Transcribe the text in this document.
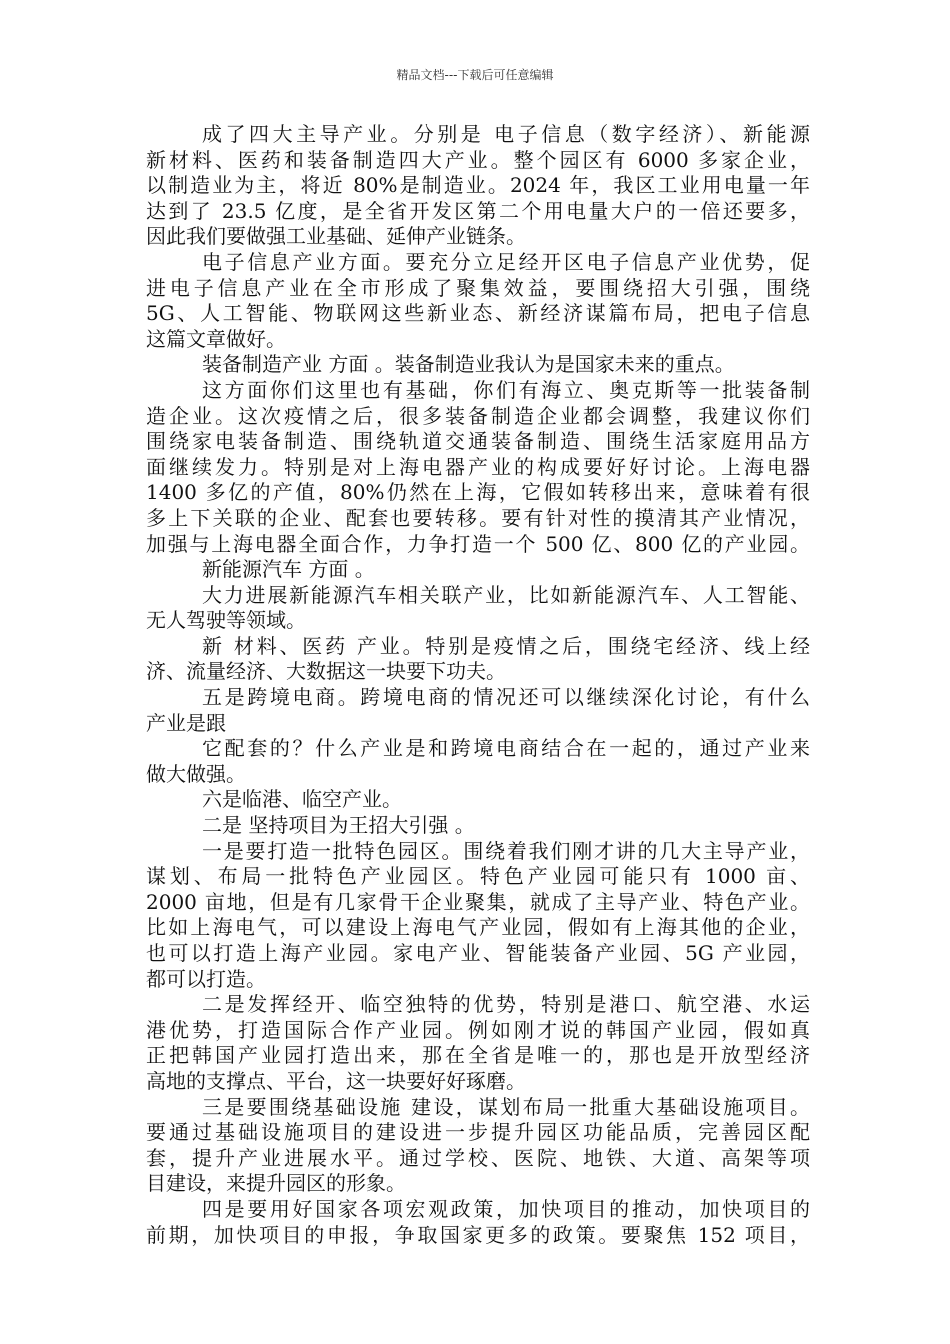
精品文档---下载后可任意编辑
成了四大主导产业。分别是 电子信息（数字经济）、新能源
新材料、医药和装备制造四大产业。整个园区有 6000 多家企业，
以制造业为主，将近 80%是制造业。2024 年，我区工业用电量一年
达到了 23.5 亿度，是全省开发区第二个用电量大户的一倍还要多，
因此我们要做强工业基础、延伸产业链条。
电子信息产业方面。要充分立足经开区电子信息产业优势，促
进电子信息产业在全市形成了聚集效益，要围绕招大引强，围绕
5G、人工智能、物联网这些新业态、新经济谋篇布局，把电子信息
这篇文章做好。
装备制造产业 方面 。装备制造业我认为是国家未来的重点。
这方面你们这里也有基础，你们有海立、奥克斯等一批装备制
造企业。这次疫情之后，很多装备制造企业都会调整，我建议你们
围绕家电装备制造、围绕轨道交通装备制造、围绕生活家庭用品方
面继续发力。特别是对上海电器产业的构成要好好讨论。上海电器
1400 多亿的产值，80%仍然在上海，它假如转移出来，意味着有很
多上下关联的企业、配套也要转移。要有针对性的摸清其产业情况，
加强与上海电器全面合作，力争打造一个 500 亿、800 亿的产业园。
新能源汽车 方面 。
大力进展新能源汽车相关联产业，比如新能源汽车、人工智能、
无人驾驶等领域。
新 材料、医药 产业。特别是疫情之后，围绕宅经济、线上经
济、流量经济、大数据这一块要下功夫。
五是跨境电商。跨境电商的情况还可以继续深化讨论，有什么
产业是跟
它配套的？什么产业是和跨境电商结合在一起的，通过产业来
做大做强。
六是临港、临空产业。
二是 坚持项目为王招大引强 。
一是要打造一批特色园区。围绕着我们刚才讲的几大主导产业，
谋划、布局一批特色产业园区。特色产业园可能只有 1000 亩、
2000 亩地，但是有几家骨干企业聚集，就成了主导产业、特色产业。
比如上海电气，可以建设上海电气产业园，假如有上海其他的企业，
也可以打造上海产业园。家电产业、智能装备产业园、5G 产业园，
都可以打造。
二是发挥经开、临空独特的优势，特别是港口、航空港、水运
港优势，打造国际合作产业园。例如刚才说的韩国产业园，假如真
正把韩国产业园打造出来，那在全省是唯一的，那也是开放型经济
高地的支撑点、平台，这一块要好好琢磨。
三是要围绕基础设施 建设，谋划布局一批重大基础设施项目。
要通过基础设施项目的建设进一步提升园区功能品质，完善园区配
套，提升产业进展水平。通过学校、医院、地铁、大道、高架等项
目建设，来提升园区的形象。
四是要用好国家各项宏观政策，加快项目的推动，加快项目的
前期，加快项目的申报，争取国家更多的政策。要聚焦 152 项目，
